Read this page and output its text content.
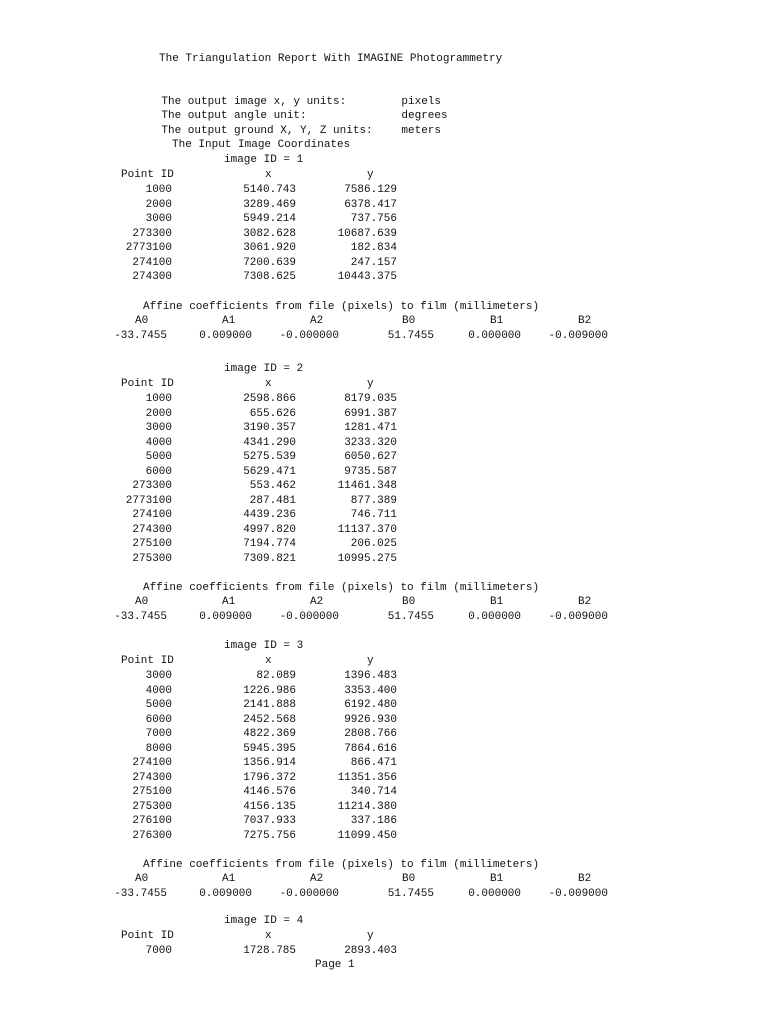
The Triangulation Report With IMAGINE Photogrammetry

The output image x, y units:	pixels

The output angle unit:	degrees

The output ground X, Y, Z units:	meters

The Input Image Coordinates
image ID = 1
Point ID	x	y
1000	5140.743	7586.129
2000	3289.469	6378.417
3000	5949.214	737.756
273300	3082.628	10687.639
2773100	3061.920	182.834
274100	7200.639	247.157
274300	7308.625	10443.375
Affine coefficients from file (pixels) to film (millimeters)
A0	A1	A2	B0	B1	B2
-33.7455	0.009000	-0.000000	51.7455	0.000000	-0.009000
image ID = 2
Point ID	x	y
1000	2598.866	8179.035
2000	655.626	6991.387
3000	3190.357	1281.471
4000	4341.290	3233.320
5000	5275.539	6050.627
6000	5629.471	9735.587
273300	553.462	11461.348
2773100	287.481	877.389
274100	4439.236	746.711
274300	4997.820	11137.370
275100	7194.774	206.025
275300	7309.821	10995.275
Affine coefficients from file (pixels) to film (millimeters)
A0	A1	A2	B0	B1	B2
-33.7455	0.009000	-0.000000	51.7455	0.000000	-0.009000
image ID = 3
Point ID	x	y
3000	82.089	1396.483
4000	1226.986	3353.400
5000	2141.888	6192.480
6000	2452.568	9926.930
7000	4822.369	2808.766
8000	5945.395	7864.616
274100	1356.914	866.471
274300	1796.372	11351.356
275100	4146.576	340.714
275300	4156.135	11214.380
276100	7037.933	337.186
276300	7275.756	11099.450
Affine coefficients from file (pixels) to film (millimeters)
A0	A1	A2	B0	B1	B2
-33.7455	0.009000	-0.000000	51.7455	0.000000	-0.009000
image ID = 4
Point ID	x	y
7000	1728.785	2893.403
Page 1
